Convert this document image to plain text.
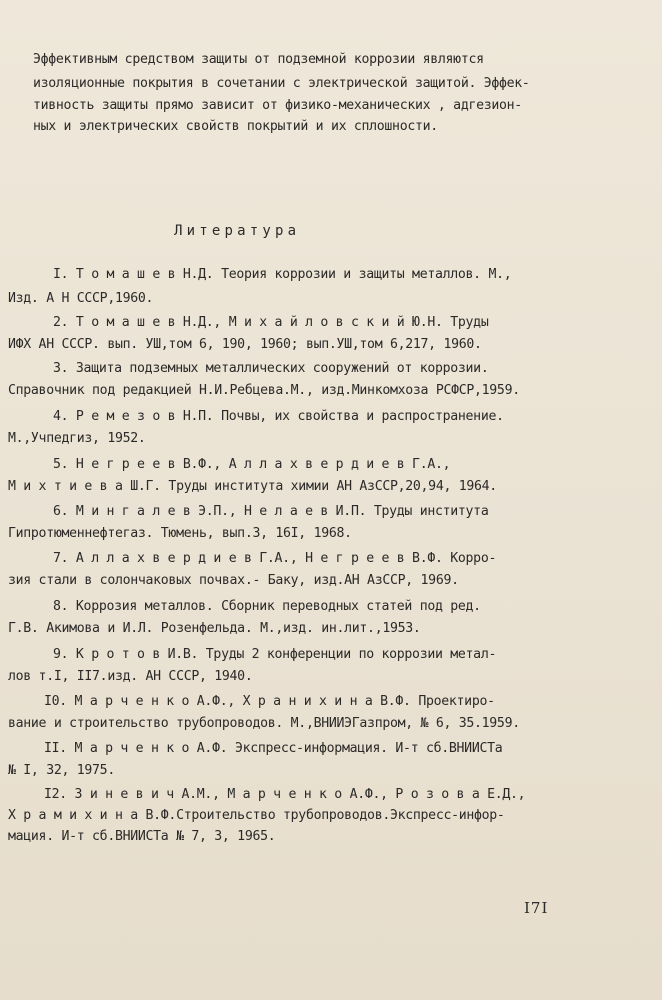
Эффективным средством защиты от подземной коррозии являются
изоляционные покрытия в сочетании с электрической защитой. Эффек-
тивность защиты прямо зависит от физико-механических , адгезион-
ных и электрических свойств покрытий и их сплошности.
Литература
I. Т о м а ш е в Н.Д. Теория коррозии и защиты металлов. М.,
Изд. А Н СССР,1960.
2. Т о м а ш е в Н.Д., М и х а й л о в с к и й Ю.Н. Труды
ИФХ АН СССР. вып. УШ,том 6, 190, 1960; вып.УШ,том 6,217, 1960.
3. Защита подземных металлических сооружений от коррозии.
Справочник под редакцией Н.И.Ребцева.М., изд.Минкомхоза РСФСР,1959.
4. Р е м е з о в Н.П. Почвы, их свойства и распространение.
М.,Учпедгиз, 1952.
5. Н е г р е е в В.Ф., А л л а х в е р д и е в Г.А.,
М и х т и е в а Ш.Г. Труды института химии АН АзССР,20,94, 1964.
6. М и н г а л е в Э.П., Н е л а е в И.П. Труды института
Гипротюменнефтегаз. Тюмень, вып.3, 16I, 1968.
7. А л л а х в е р д и е в Г.А., Н е г р е е в В.Ф. Корро-
зия стали в солончаковых почвах.- Баку, изд.АН АзССР, 1969.
8. Коррозия металлов. Сборник переводных статей под ред.
Г.В. Акимова и И.Л. Розенфельда. М.,изд. ин.лит.,1953.
9. К р о т о в И.В. Труды 2 конференции по коррозии метал-
лов т.I, II7.изд. АН СССР, 1940.
I0. М а р ч е н к о А.Ф., Х р а н и х и н а В.Ф. Проектиро-
вание и строительство трубопроводов. М.,ВНИИЭГазпром, № 6, 35.1959.
II. М а р ч е н к о А.Ф. Экспресс-информация. И-т сб.ВНИИСТа
№ I, 32, 1975.
I2. З и н е в и ч А.М., М а р ч е н к о А.Ф., Р о з о в а Е.Д.,
Х р а м и х и н а В.Ф.Строительство трубопроводов.Экспресс-инфор-
мация. И-т сб.ВНИИСТа № 7, 3, 1965.
I7I
